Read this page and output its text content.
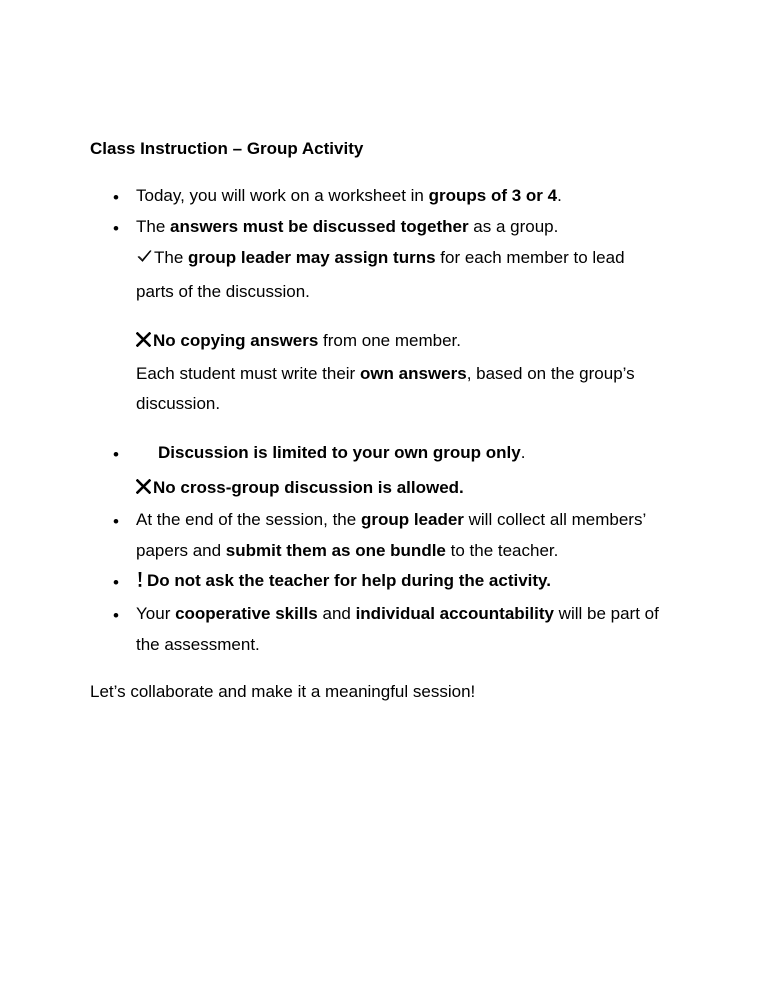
Class Instruction – Group Activity
• Today, you will work on a worksheet in groups of 3 or 4.
• The answers must be discussed together as a group.
The group leader may assign turns for each member to lead
parts of the discussion.
No copying answers from one member.
Each student must write their own answers, based on the group’s
discussion.
• Discussion is limited to your own group only.
No cross-group discussion is allowed.
• At the end of the session, the group leader will collect all members’
papers and submit them as one bundle to the teacher.
•	Do not ask the teacher for help during the activity.
• Your cooperative skills and individual accountability will be part of
the assessment.
Let’s collaborate and make it a meaningful session!
